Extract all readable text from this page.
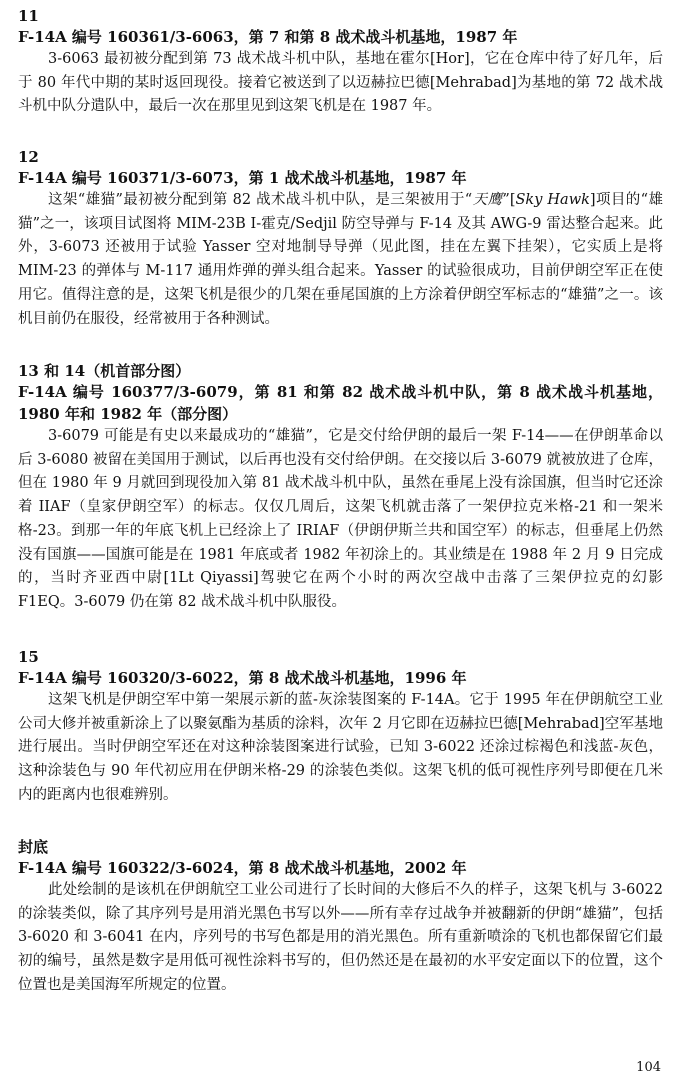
11
F-14A 编号 160361/3-6063，第 7 和第 8 战术战斗机基地，1987 年

3-6063 最初被分配到第 73 战术战斗机中队，基地在霍尔[Hor]，它在仓库中待了好几年，后于 80 年代中期的某时返回现役。接着它被送到了以迈赫拉巴德[Mehrabad]为基地的第 72 战术战斗机中队分遣队中，最后一次在那里见到这架飞机是在 1987 年。

12
F-14A 编号 160371/3-6073，第 1 战术战斗机基地，1987 年

这架“雄猫”最初被分配到第 82 战术战斗机中队，是三架被用于“天鹰”[Sky Hawk]项目的“雄猫”之一，该项目试图将 MIM-23B I-霍克/Sedjil 防空导弹与 F-14 及其 AWG-9 雷达整合起来。此外，3-6073 还被用于试验 Yasser 空对地制导导弹（见此图，挂在左翼下挂架），它实质上是将 MIM-23 的弹体与 M-117 通用炸弹的弹头组合起来。Yasser 的试验很成功，目前伊朗空军正在使用它。值得注意的是，这架飞机是很少的几架在垂尾国旗的上方涂着伊朗空军标志的“雄猫”之一。该机目前仍在服役，经常被用于各种测试。

13 和 14（机首部分图）
F-14A 编号 160377/3-6079，第 81 和第 82 战术战斗机中队，第 8 战术战斗机基地，1980 年和 1982 年（部分图）

3-6079 可能是有史以来最成功的“雄猫”，它是交付给伊朗的最后一架 F-14——在伊朗革命以后 3-6080 被留在美国用于测试，以后再也没有交付给伊朗。在交接以后 3-6079 就被放进了仓库，但在 1980 年 9 月就回到现役加入第 81 战术战斗机中队，虽然在垂尾上没有涂国旗，但当时它还涂着 IIAF（皇家伊朗空军）的标志。仅仅几周后，这架飞机就击落了一架伊拉克米格-21 和一架米格-23。到那一年的年底飞机上已经涂上了 IRIAF（伊朗伊斯兰共和国空军）的标志，但垂尾上仍然没有国旗——国旗可能是在 1981 年底或者 1982 年初涂上的。其业绩是在 1988 年 2 月 9 日完成的，当时齐亚西中尉[1Lt Qiyassi]驾驶它在两个小时的两次空战中击落了三架伊拉克的幻影 F1EQ。3-6079 仍在第 82 战术战斗机中队服役。

15
F-14A 编号 160320/3-6022，第 8 战术战斗机基地，1996 年

这架飞机是伊朗空军中第一架展示新的蓝-灰涂装图案的 F-14A。它于 1995 年在伊朗航空工业公司大修并被重新涂上了以聚氨酯为基质的涂料，次年 2 月它即在迈赫拉巴德[Mehrabad]空军基地进行展出。当时伊朗空军还在对这种涂装图案进行试验，已知 3-6022 还涂过棕褐色和浅蓝-灰色，这种涂装色与 90 年代初应用在伊朗米格-29 的涂装色类似。这架飞机的低可视性序列号即便在几米内的距离内也很难辨别。

封底
F-14A 编号 160322/3-6024，第 8 战术战斗机基地，2002 年

此处绘制的是该机在伊朗航空工业公司进行了长时间的大修后不久的样子，这架飞机与 3-6022 的涂装类似，除了其序列号是用消光黑色书写以外——所有幸存过战争并被翻新的伊朗“雄猫”，包括 3-6020 和 3-6041 在内，序列号的书写色都是用的消光黑色。所有重新喷涂的飞机也都保留它们最初的编号，虽然是数字是用低可视性涂料书写的，但仍然还是在最初的水平安定面以下的位置，这个位置也是美国海军所规定的位置。

104
